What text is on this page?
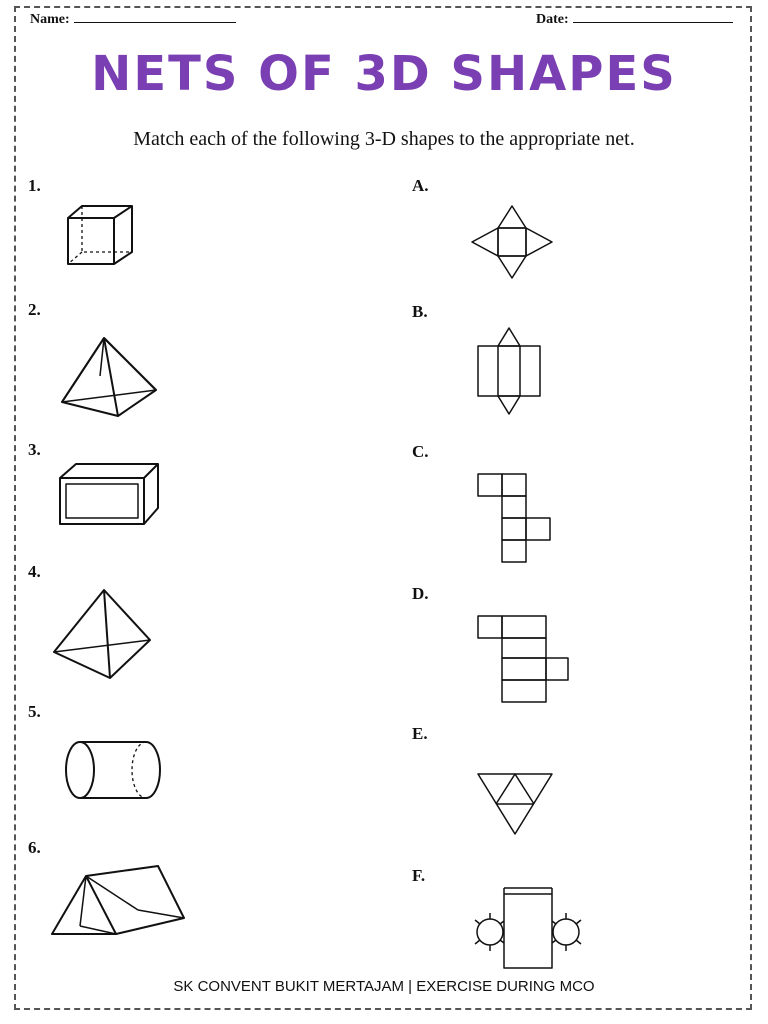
Name:	Date:
NETS OF 3D SHAPES
Match each of the following 3-D shapes to the appropriate net.
1.
2.
3.
4.
5.
6.
A.
B.
C.
D.
E.
F.
SK CONVENT BUKIT MERTAJAM | EXERCISE DURING MCO
